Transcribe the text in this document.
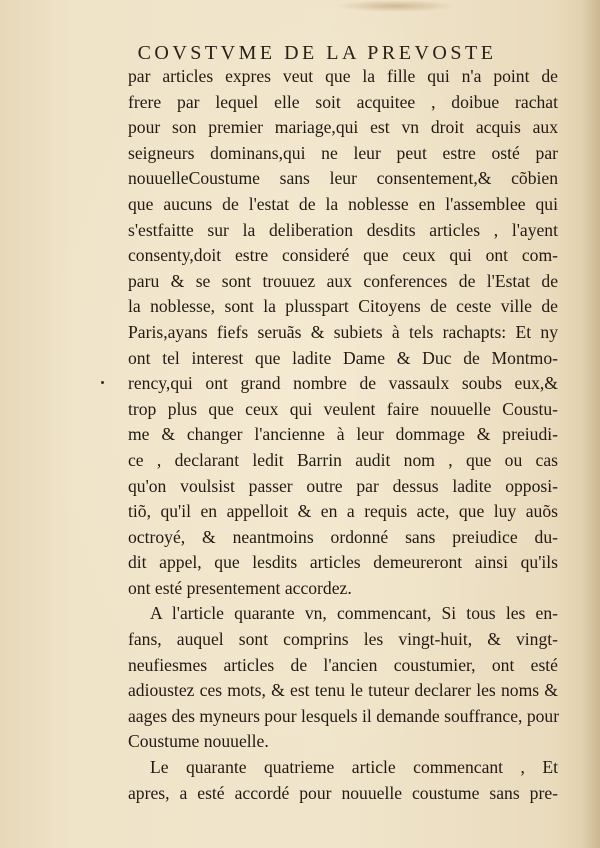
COVSTVME DE LA PREVOSTE
par articles expres veut que la fille qui n'a point de
frere par lequel elle soit acquitee , doibue rachat
pour son premier mariage,qui est vn droit acquis aux
seigneurs dominans,qui ne leur peut estre osté par
nouuelleCoustume sans leur consentement,& cõbien
que aucuns de l'estat de la noblesse en l'assemblee qui
s'estfaitte sur la deliberation desdits articles , l'ayent
consenty,doit estre consideré que ceux qui ont com-
paru & se sont trouuez aux conferences de l'Estat de
la noblesse, sont la plusspart Citoyens de ceste ville de
Paris,ayans fiefs seruãs & subiets à tels rachapts: Et ny
ont tel interest que ladite Dame & Duc de Montmo-
rency,qui ont grand nombre de vassaulx soubs eux,&
trop plus que ceux qui veulent faire nouuelle Coustu-
me & changer l'ancienne à leur dommage & preiudi-
ce , declarant ledit Barrin audit nom , que ou cas
qu'on voulsist passer outre par dessus ladite opposi-
tiõ, qu'il en appelloit & en a requis acte, que luy auõs
octroyé, & neantmoins ordonné sans preiudice du-
dit appel, que lesdits articles demeureront ainsi qu'ils
ont esté presentement accordez.
A l'article quarante vn, commencant, Si tous les en-
fans, auquel sont comprins les vingt-huit, & vingt-
neufiesmes articles de l'ancien coustumier, ont esté
adioustez ces mots, & est tenu le tuteur declarer les noms &
aages des myneurs pour lesquels il demande souffrance, pour
Coustume nouuelle.
Le quarante quatrieme article commencant , Et
apres, a esté accordé pour nouuelle coustume sans pre-
